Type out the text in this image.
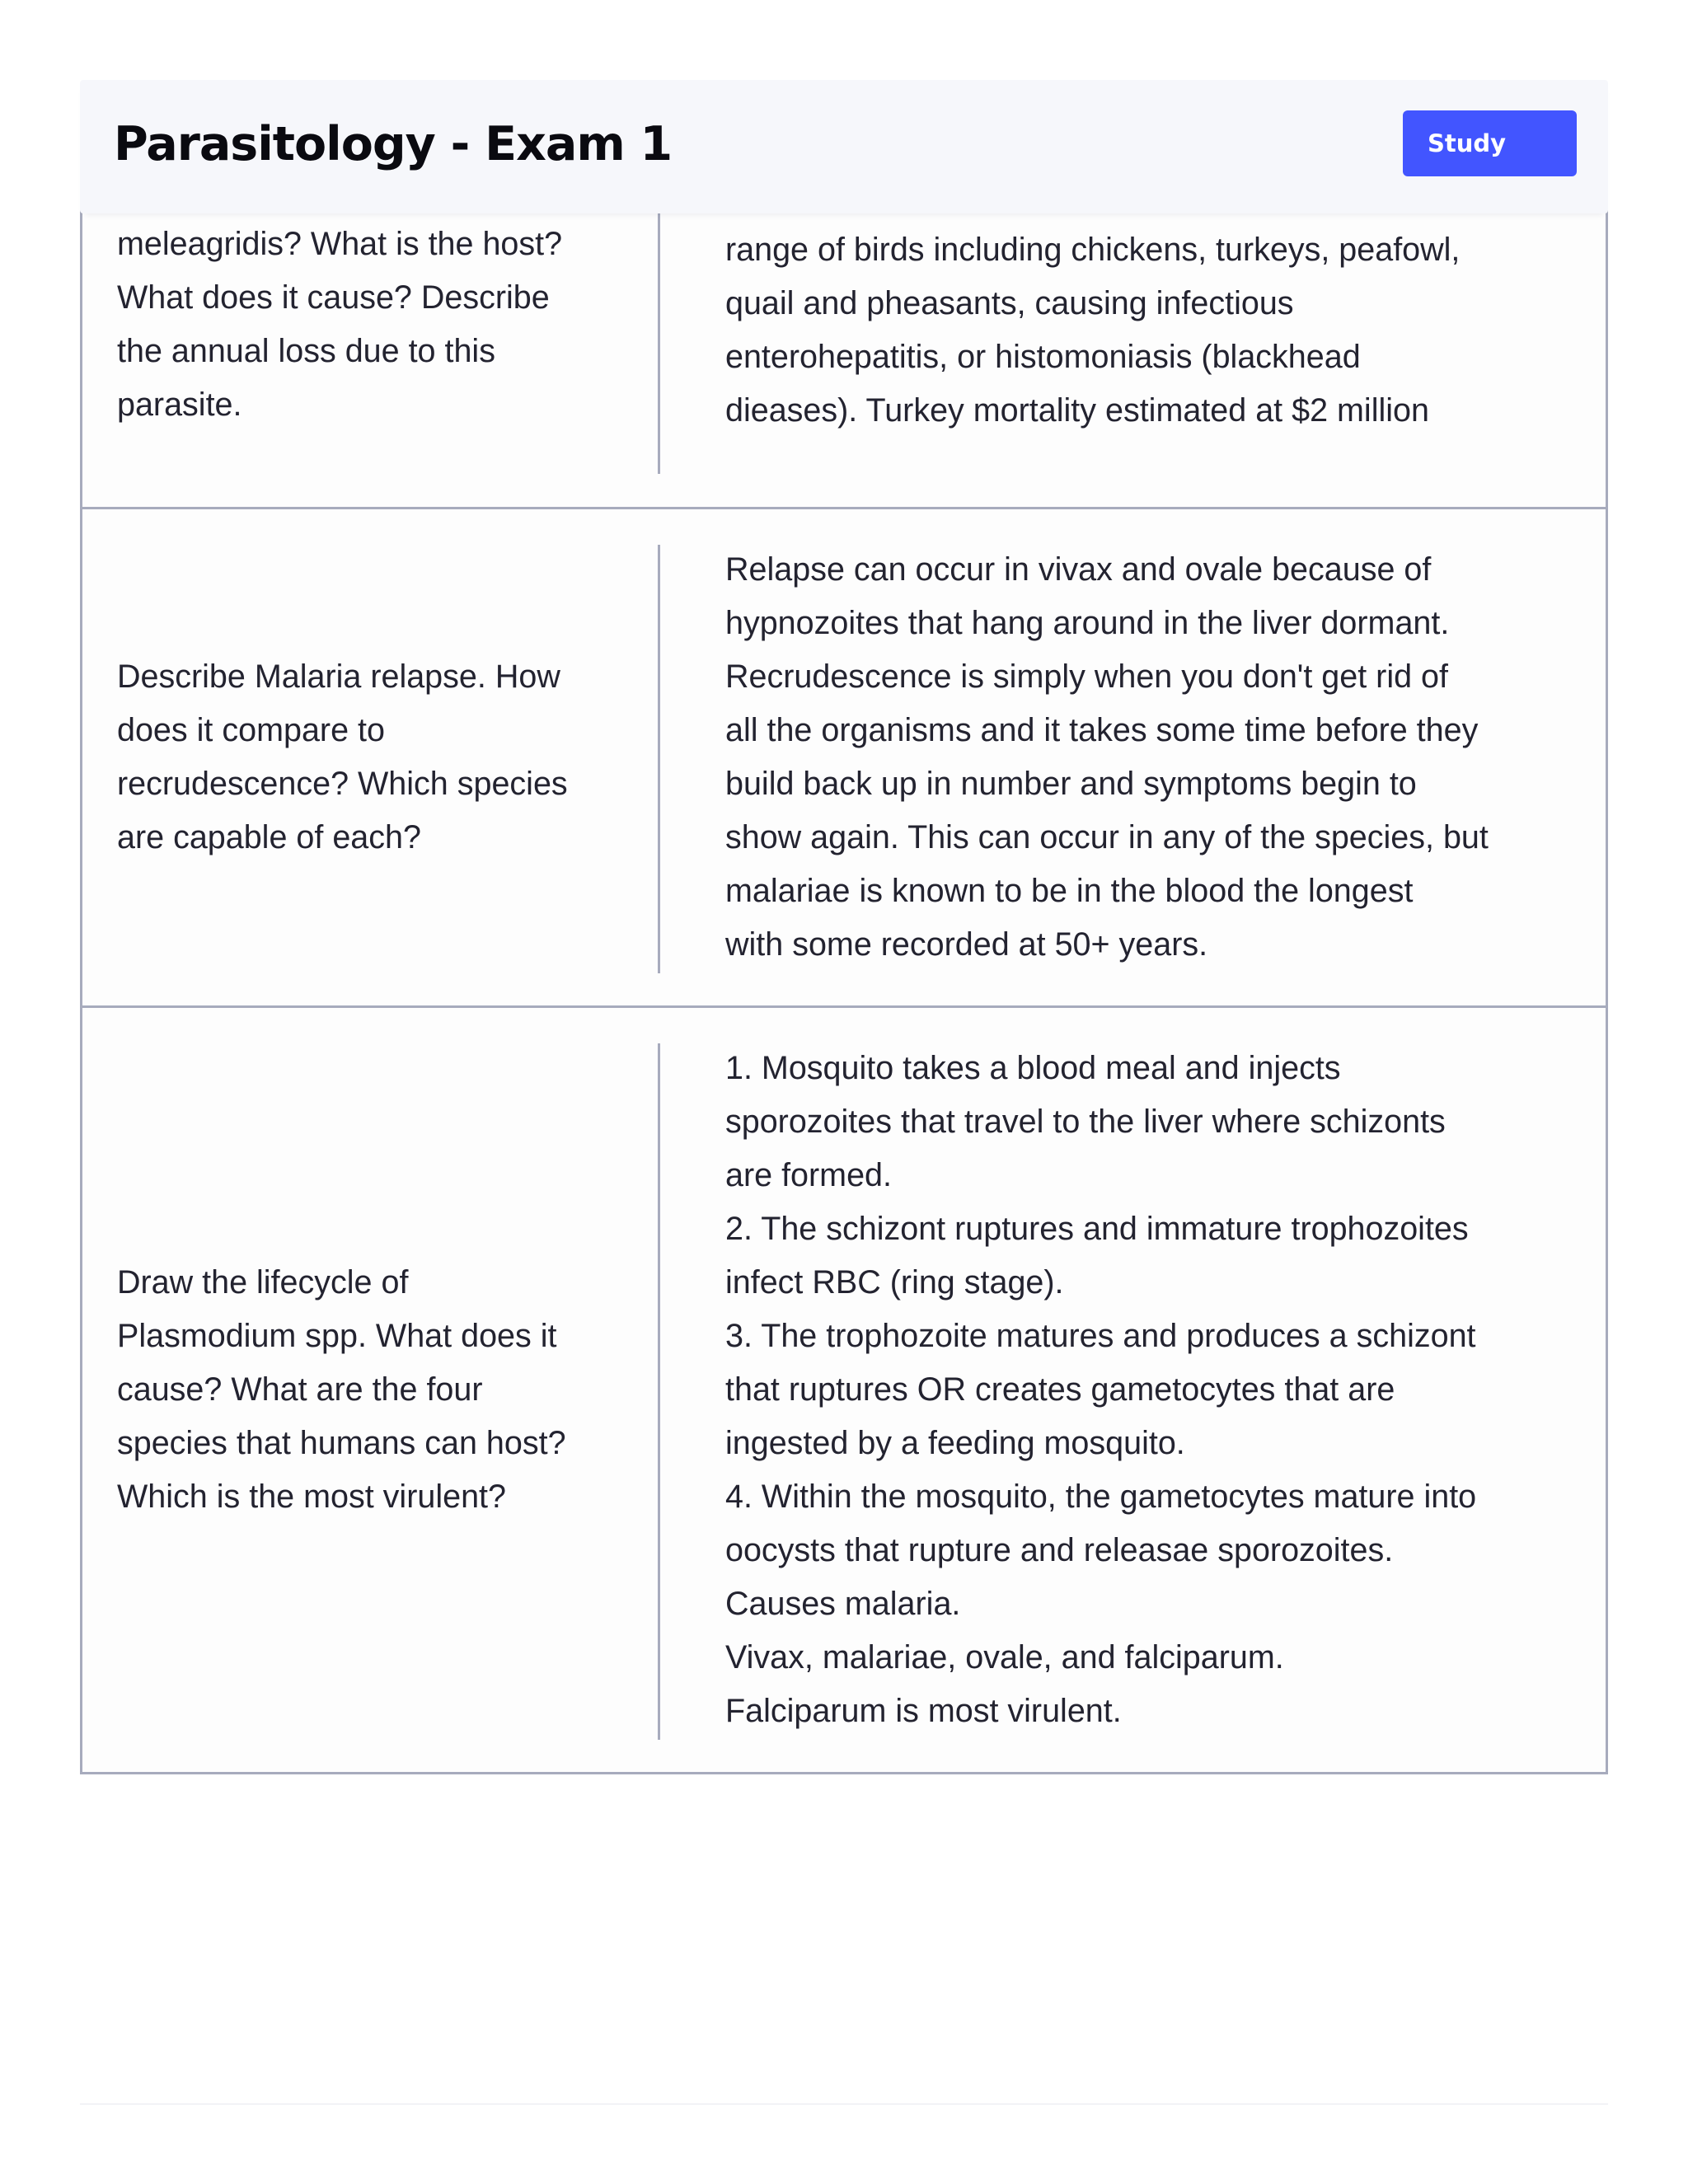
Parasitology - Exam 1	Study
meleagridis? What is the host?
What does it cause? Describe
the annual loss due to this
parasite.
range of birds including chickens, turkeys, peafowl,
quail and pheasants, causing infectious
enterohepatitis, or histomoniasis (blackhead
dieases). Turkey mortality estimated at $2 million
Describe Malaria relapse. How
does it compare to
recrudescence? Which species
are capable of each?
Relapse can occur in vivax and ovale because of
hypnozoites that hang around in the liver dormant.
Recrudescence is simply when you don't get rid of
all the organisms and it takes some time before they
build back up in number and symptoms begin to
show again. This can occur in any of the species, but
malariae is known to be in the blood the longest
with some recorded at 50+ years.
Draw the lifecycle of
Plasmodium spp. What does it
cause? What are the four
species that humans can host?
Which is the most virulent?
1. Mosquito takes a blood meal and injects
sporozoites that travel to the liver where schizonts
are formed.
2. The schizont ruptures and immature trophozoites
infect RBC (ring stage).
3. The trophozoite matures and produces a schizont
that ruptures OR creates gametocytes that are
ingested by a feeding mosquito.
4. Within the mosquito, the gametocytes mature into
oocysts that rupture and releasae sporozoites.
Causes malaria.
Vivax, malariae, ovale, and falciparum.
Falciparum is most virulent.
